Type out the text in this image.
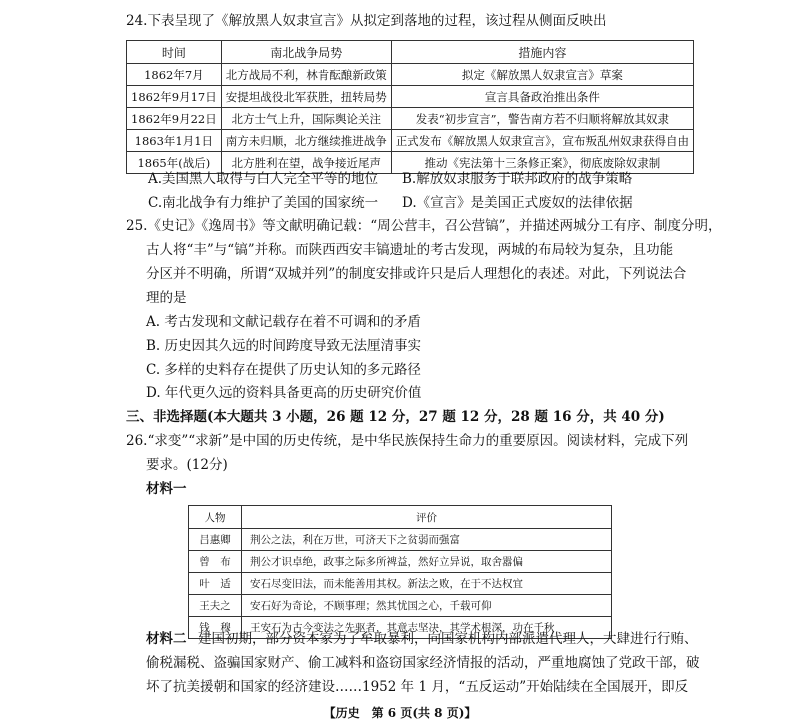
24.下表呈现了《解放黑人奴隶宣言》从拟定到落地的过程，该过程从侧面反映出
时间	南北战争局势	措施内容
1862年7月	北方战局不利，林肯酝酿新政策	拟定《解放黑人奴隶宣言》草案
1862年9月17日	安提坦战役北军获胜，扭转局势	宣言具备政治推出条件
1862年9月22日	北方士气上升，国际舆论关注	发表“初步宣言”，警告南方若不归顺将解放其奴隶
1863年1月1日	南方未归顺，北方继续推进战争	正式发布《解放黑人奴隶宣言》，宣布叛乱州奴隶获得自由
1865年(战后)	北方胜利在望，战争接近尾声	推动《宪法第十三条修正案》，彻底废除奴隶制
A.美国黑人取得与白人完全平等的地位 B.解放奴隶服务于联邦政府的战争策略
C.南北战争有力维护了美国的国家统一 D.《宣言》是美国正式废奴的法律依据
25.《史记》《逸周书》等文献明确记载：“周公营丰，召公营镐”，并描述两城分工有序、制度分明，
古人将“丰”与“镐”并称。而陕西西安丰镐遗址的考古发现，两城的布局较为复杂，且功能
分区并不明确，所谓“双城并列”的制度安排或许只是后人理想化的表述。对此，下列说法合
理的是
A. 考古发现和文献记载存在着不可调和的矛盾
B. 历史因其久远的时间跨度导致无法厘清事实
C. 多样的史料存在提供了历史认知的多元路径
D. 年代更久远的资料具备更高的历史研究价值
三、非选择题(本大题共 3 小题，26 题 12 分，27 题 12 分，28 题 16 分，共 40 分)
26.“求变”“求新”是中国的历史传统，是中华民族保持生命力的重要原因。阅读材料，完成下列
要求。(12分)
材料一
人物	评价
吕惠卿	荆公之法，利在万世，可济天下之贫弱而强富
曾　布	荆公才识卓绝，政事之际多所裨益，然好立异说，取舍嚣偏
叶　适	安石尽变旧法，而未能善用其权。新法之败，在于不达权宜
王夫之	安石好为奇论，不顾事理；然其忧国之心，千载可仰
钱　穆	王安石为古今变法之先驱者，其意志坚决，其学术根深，功在千秋
材料二 建国初期，部分资本家为了牟取暴利，向国家机构内部派遣代理人，大肆进行行贿、
偷税漏税、盗骗国家财产、偷工减料和盗窃国家经济情报的活动，严重地腐蚀了党政干部，破
坏了抗美援朝和国家的经济建设……1952 年 1 月，“五反运动”开始陆续在全国展开，即反
【历史　第 6 页(共 8 页)】
